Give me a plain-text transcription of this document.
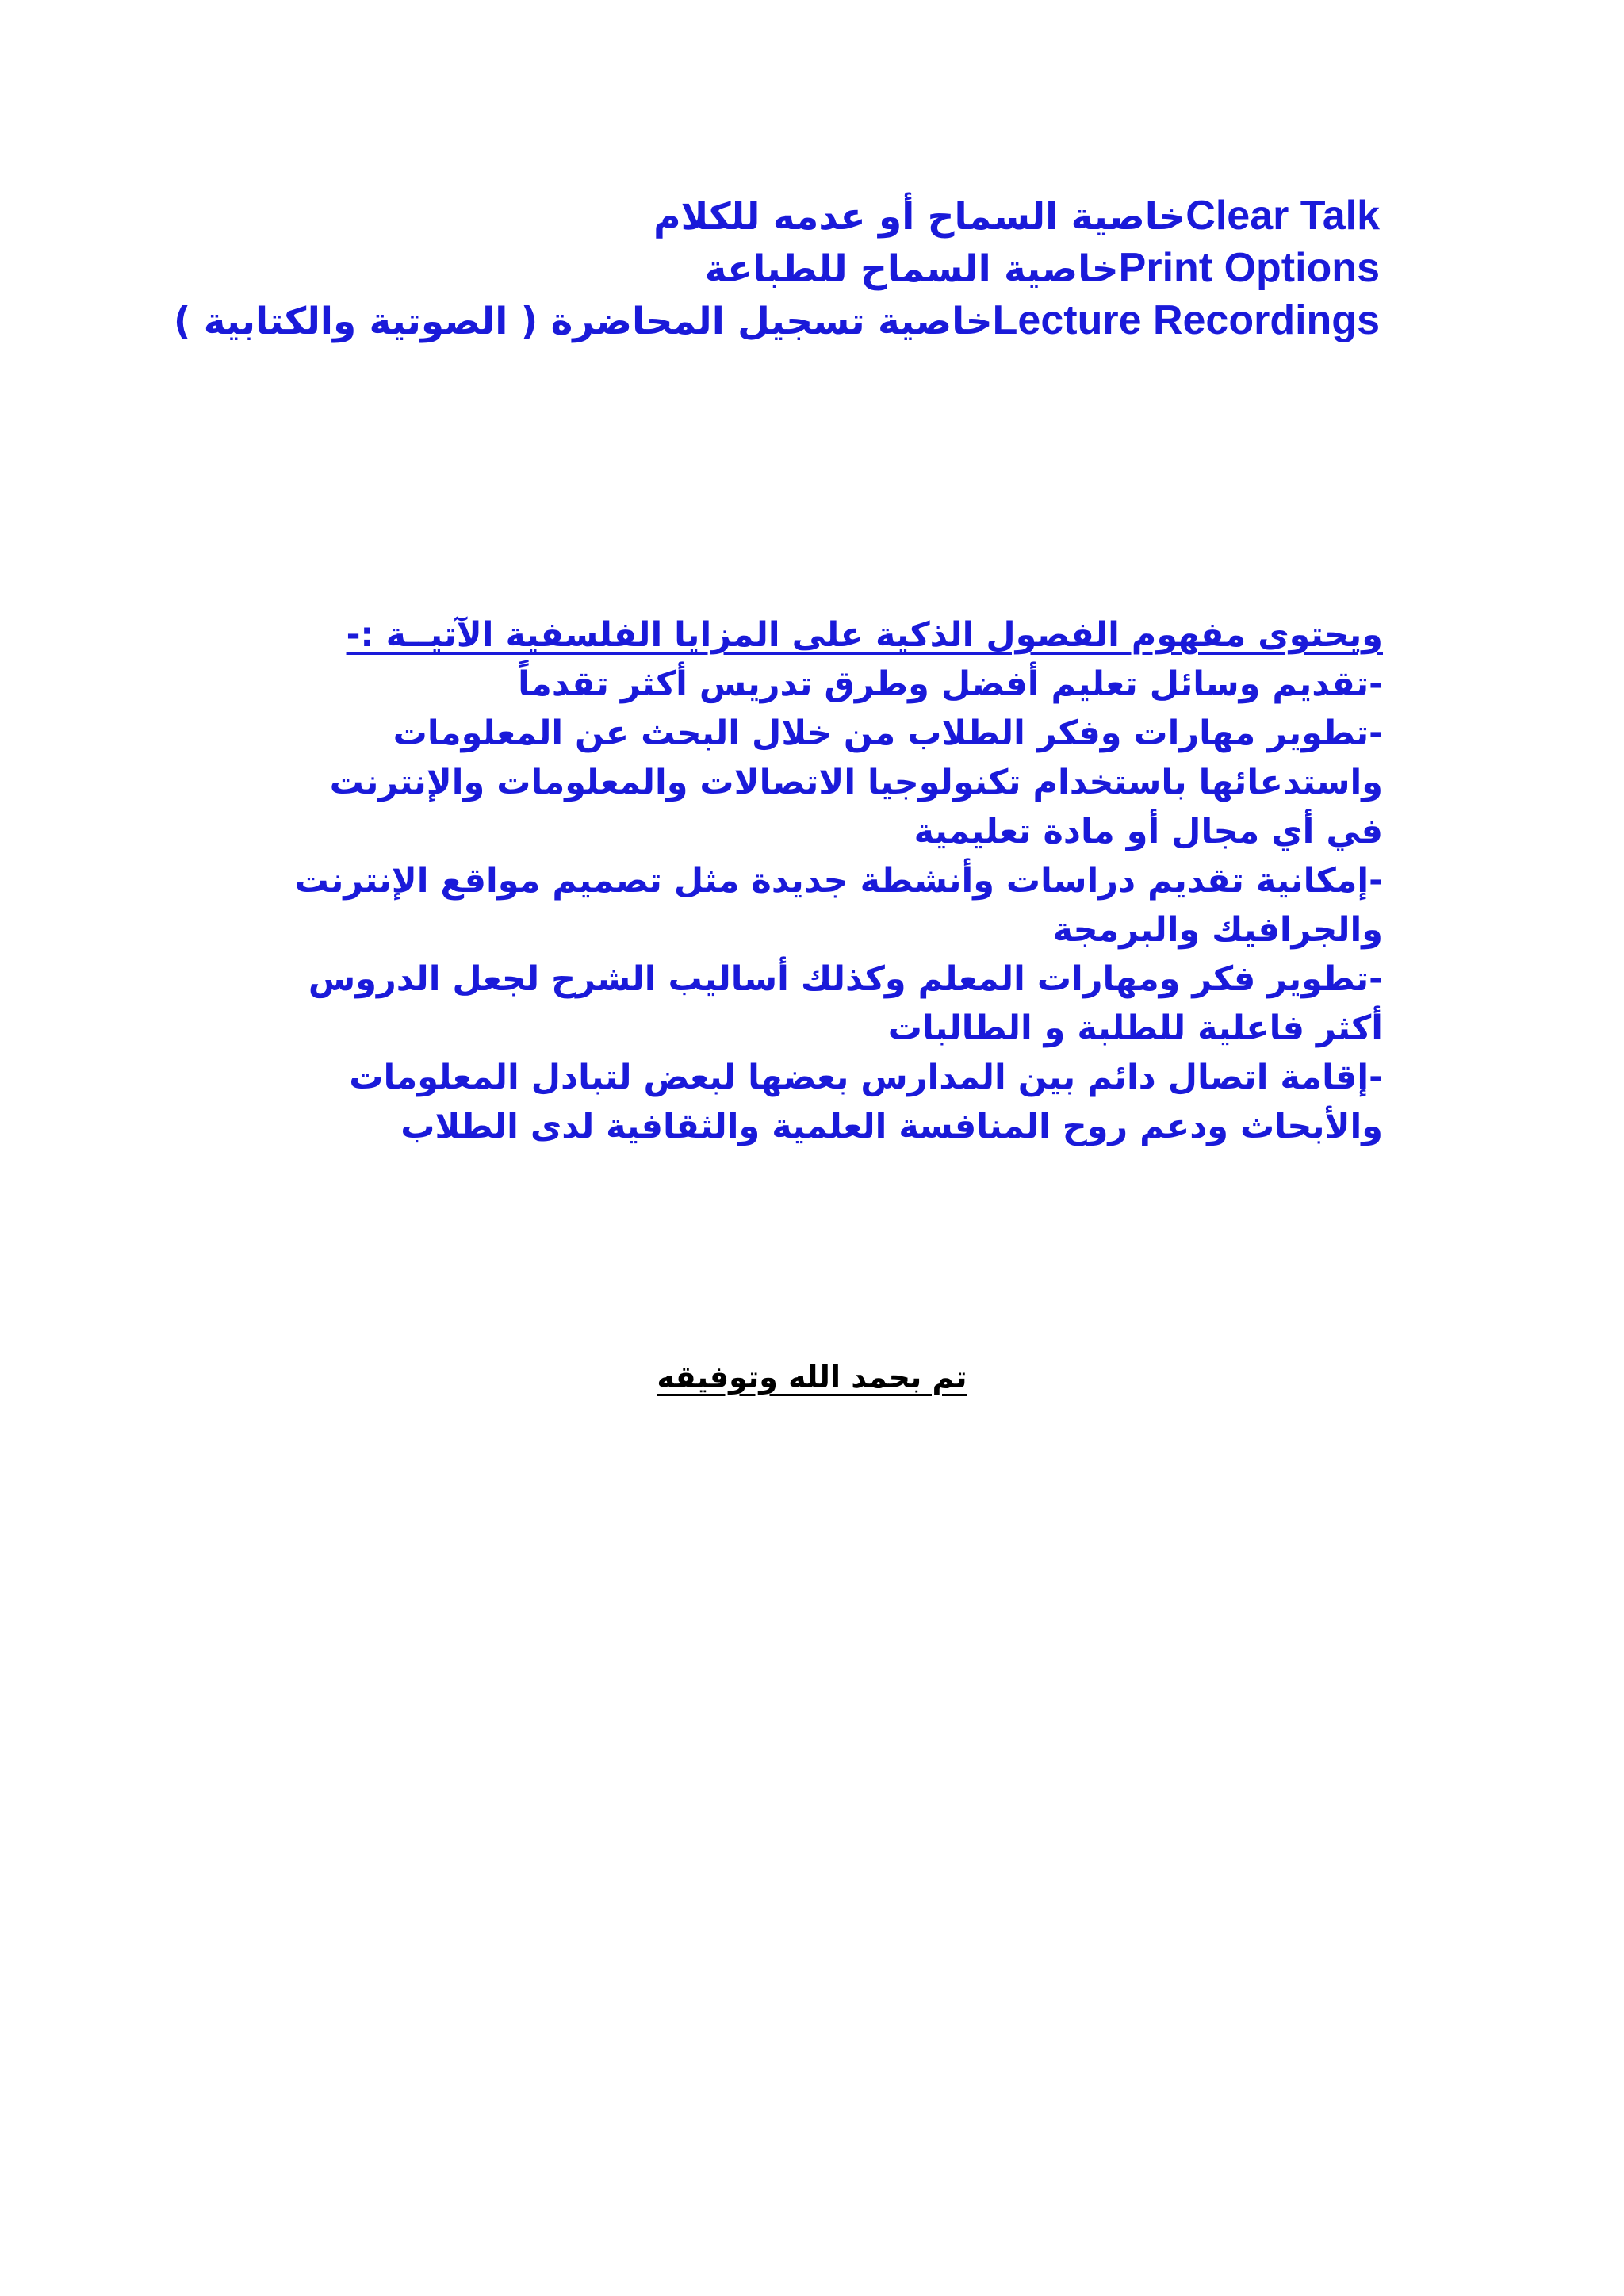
Clear Talkخاصية السماح أو عدمه للكلام
Print Optionsخاصية السماح للطباعة
Lecture Recordingsخاصية تسجيل المحاضرة ( الصوتية والكتابية )
ويحتوى مفهوم الفصول الذكية على المزايا الفلسفية الآتيــة :-
-تقديم وسائل تعليم أفضل وطرق تدريس أكثر تقدماً
-تطوير مهارات وفكر الطلاب من خلال البحث عن المعلومات واستدعائها باستخدام تكنولوجيا الاتصالات والمعلومات والإنترنت في أي مجال أو مادة تعليمية
-إمكانية تقديم دراسات وأنشطة جديدة مثل تصميم مواقع الإنترنت والجرافيك والبرمجة
-تطوير فكر ومهارات المعلم وكذلك أساليب الشرح لجعل الدروس أكثر فاعلية للطلبة و الطالبات
-إقامة اتصال دائم بين المدارس بعضها لبعض لتبادل المعلومات والأبحاث ودعم روح المنافسة العلمية والثقافية لدى الطلاب
تم بحمد الله وتوفيقه
